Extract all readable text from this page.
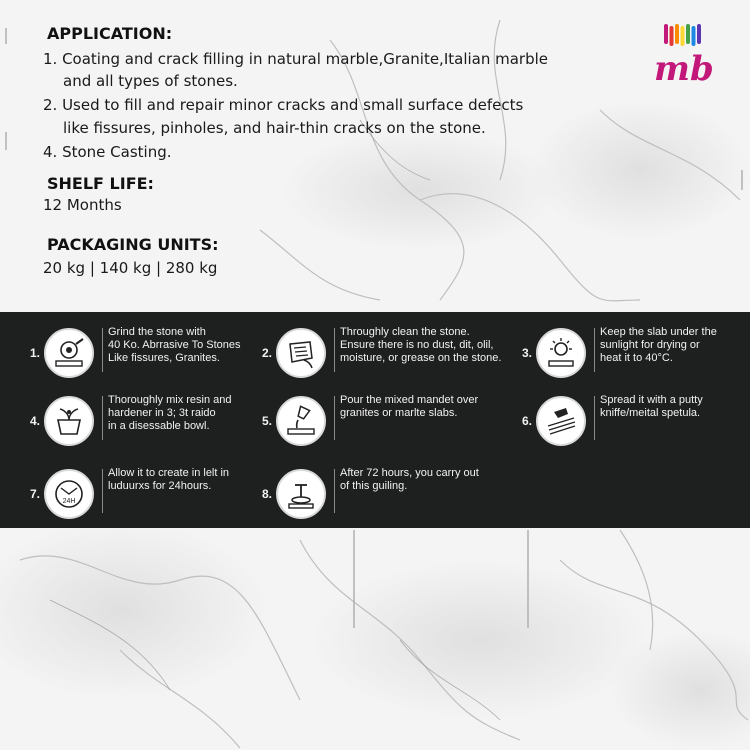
APPLICATION:

1. Coating and crack filling in natural marble,Granite,Italian marble

and all types of stones.

2. Used to fill and repair minor cracks and small surface defects

like fissures, pinholes, and hair-thin cracks on the stone.

4. Stone Casting.

SHELF LIFE:

12 Months

PACKAGING UNITS:

20 kg | 140 kg | 280 kg

mb
1.
Grind the stone with
40 Ko. Abrrasive To Stones
Like fissures, Granites.	2.
Throughly clean the stone.
Ensure there is no dust, dit, olil,
moisture, or grease on the stone.	3.
Keep the slab under the
sunlight for drying or
heat it to 40°C.
4.
Thoroughly mix resin and
hardener in 3; 3t raido
in a disessable bowl.	5.
Pour the mixed mandet over
granites or marlte slabs.
6.
Spread it with a putty
kniffe/meital spetula.
7.
24H
Allow it to create in lelt in
luduurxs for 24hours.
8.
After 72 hours, you carry out
of this guiling.
